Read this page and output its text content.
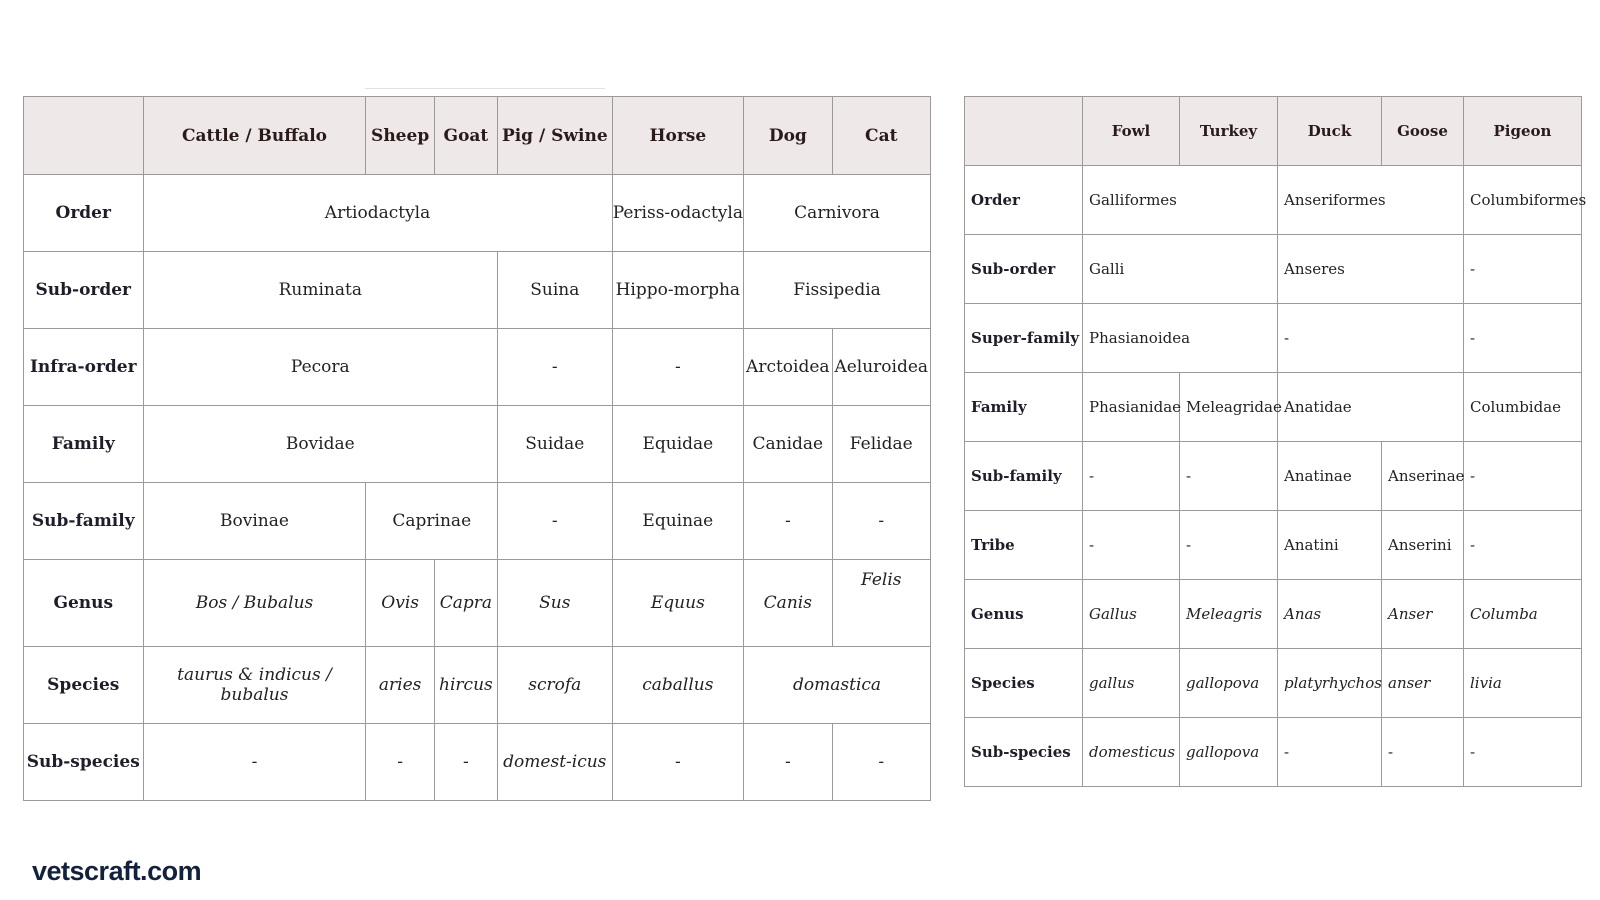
	Cattle / Buffalo	Sheep	Goat	Pig / Swine	Horse	Dog	Cat
Order	Artiodactyla				Periss-odactyla	Carnivora	
Sub-order	Ruminata			Suina	Hippo-morpha	Fissipedia	
Infra-order	Pecora			-	-	Arctoidea	Aeluroidea
Family	Bovidae			Suidae	Equidae	Canidae	Felidae
Sub-family	Bovinae	Caprinae		-	Equinae	-	-
Genus	Bos / Bubalus	Ovis	Capra	Sus	Equus	Canis	Felis
Species	taurus & indicus / bubalus	aries	hircus	scrofa	caballus	domastica	
Sub-species	-	-	-	domest-icus	-	-	-
	Fowl	Turkey	Duck	Goose	Pigeon
Order	Galliformes		Anseriformes		Columbiformes
Sub-order	Galli		Anseres		-
Super-family	Phasianoidea		-		-
Family	Phasianidae	Meleagridae	Anatidae		Columbidae
Sub-family	-	-	Anatinae	Anserinae	-
Tribe	-	-	Anatini	Anserini	-
Genus	Gallus	Meleagris	Anas	Anser	Columba
Species	gallus	gallopova	platyrhychos	anser	livia
Sub-species	domesticus	gallopova	-	-	-
vetscraft.com
